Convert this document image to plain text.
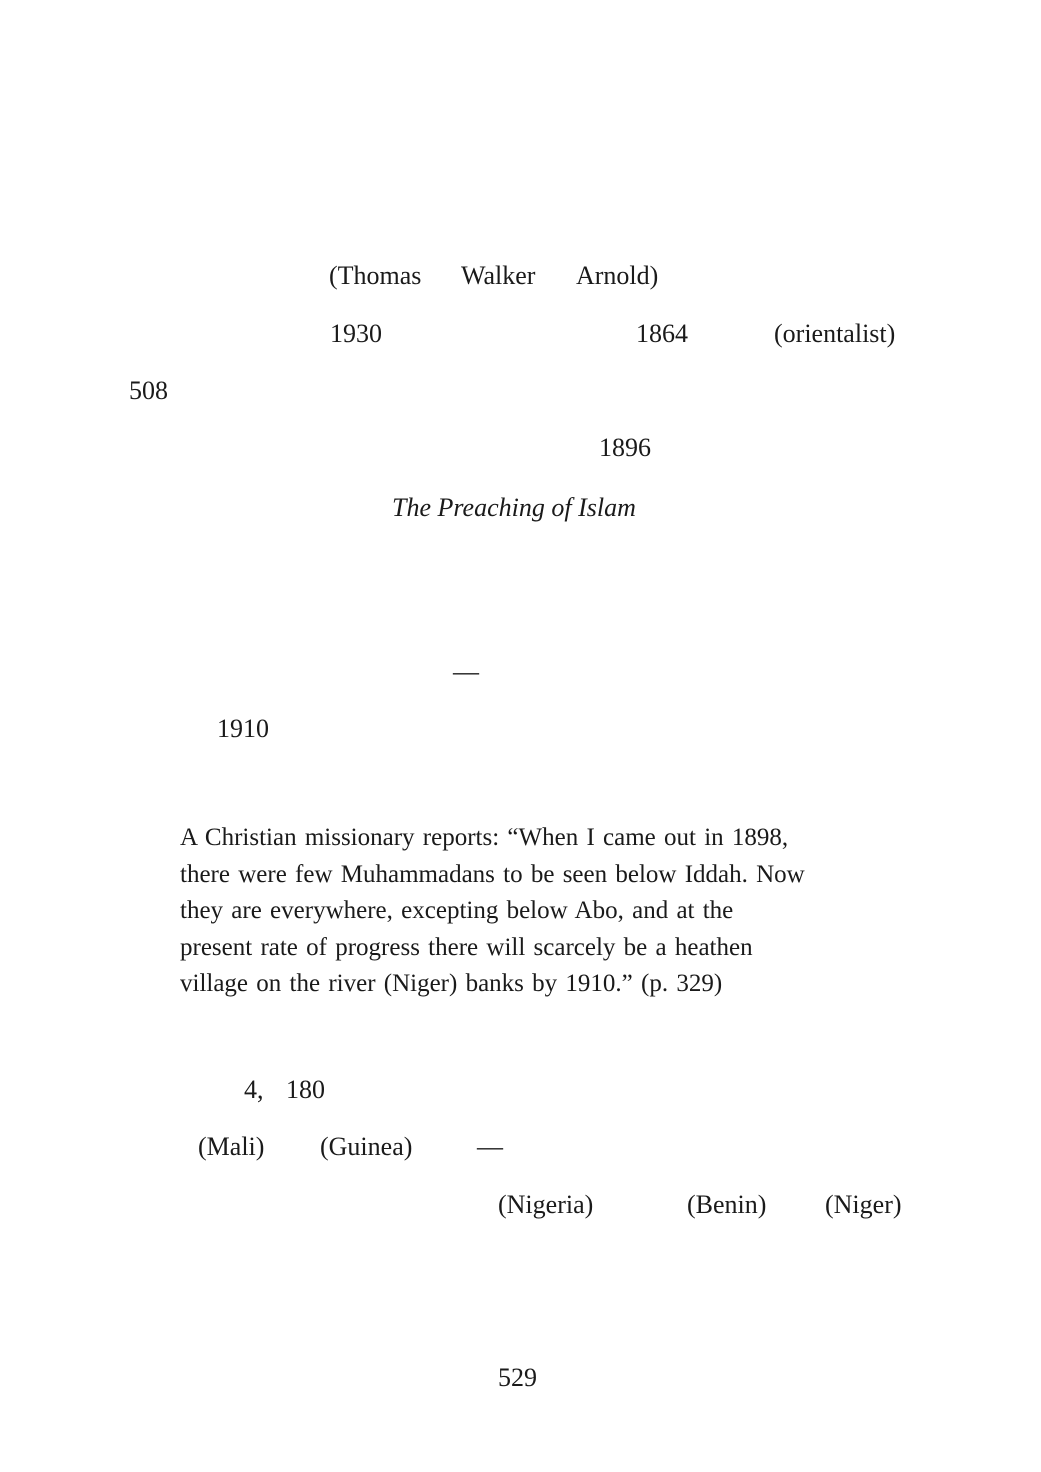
(Thomas Walker Arnold)
1930	1864	(orientalist)
508
1896
The Preaching of Islam
—
1910
A Christian missionary reports: “When I came out in 1898,
there were few Muhammadans to be seen below Iddah. Now
they are everywhere, excepting below Abo, and at the
present rate of progress there will scarcely be a heathen
village on the river (Niger) banks by 1910.” (p. 329)
4, 180
(Mali) (Guinea) —
(Nigeria)	(Benin) (Niger)
529
